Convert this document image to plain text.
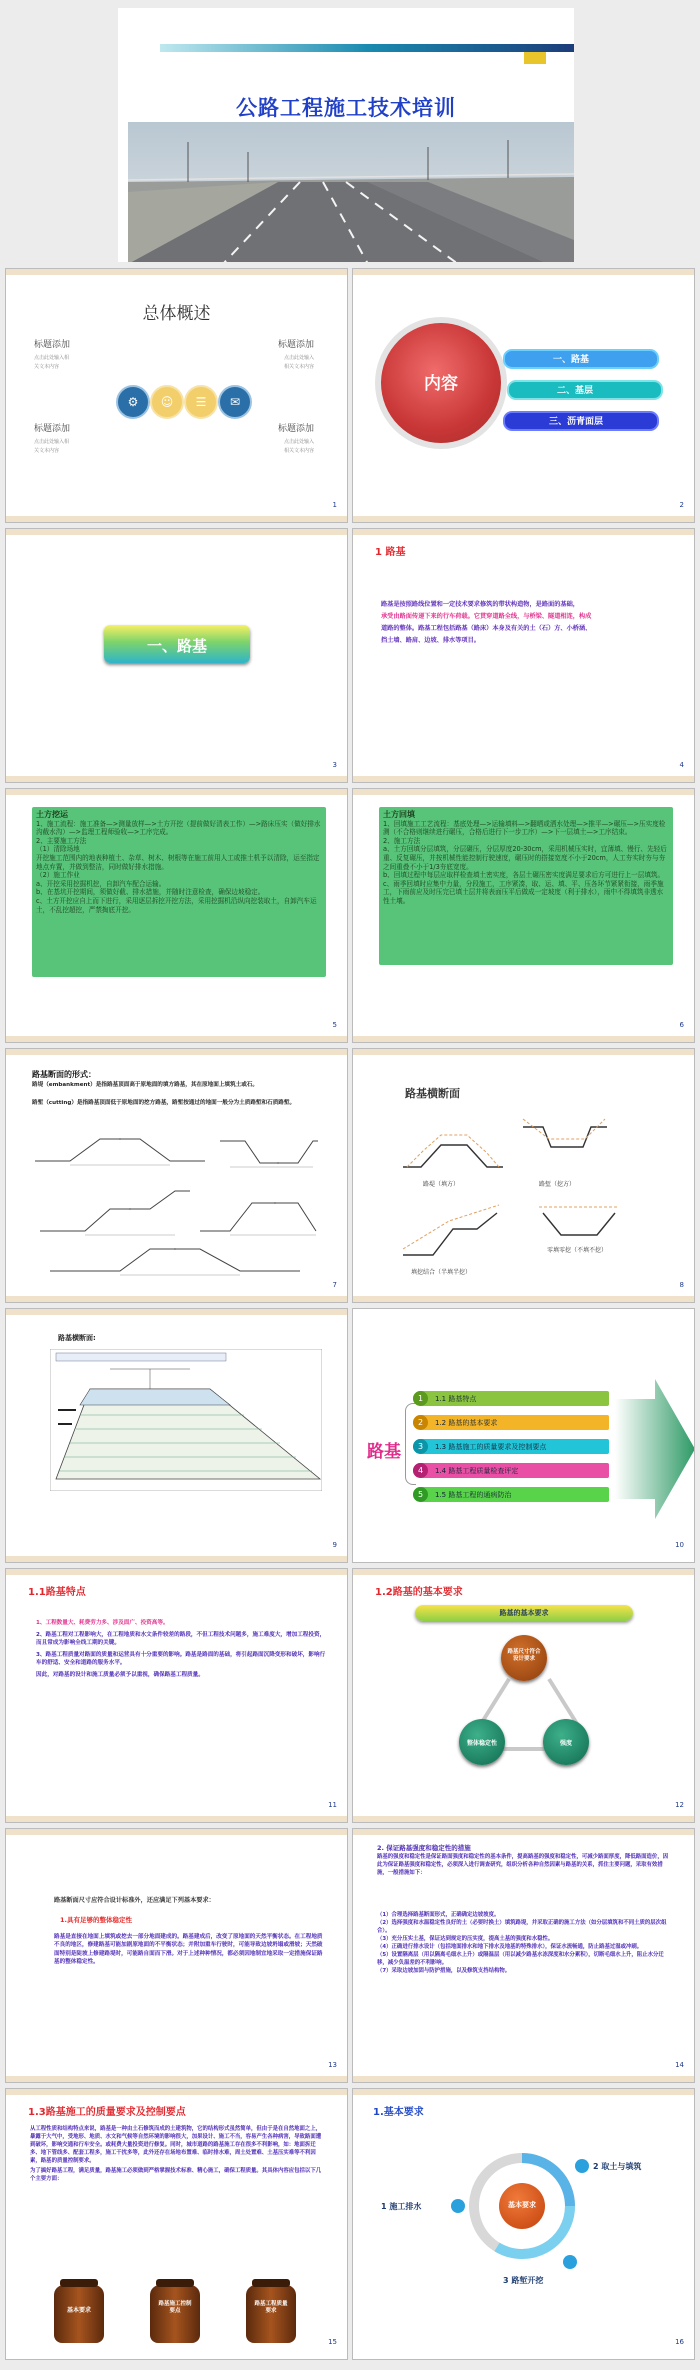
公路工程施工技术培训
总体概述
标题添加
点击此处输入相
关文本内容
标题添加
点击此处输入
相关文本内容
标题添加
点击此处输入相
关文本内容
标题添加
点击此处输入
相关文本内容
⚙	☺	☰	✉
1
内容
一、路基
二、基层
三、沥青面层
2
一、路基
3
1 路基
路基是按照路线位置和一定技术要求修筑的带状构造物，是路面的基础，
承受由路面传递下来的行车荷载。它贯穿道路全线，与桥梁、隧道相连，构成
道路的整体。路基工程包括路基（路床）本身及有关的土（石）方、小桥涵、
挡土墙、路肩、边坡、排水等项目。
4

土方挖运

1、施工流程：施工准备—>测量放样—>土方开挖（提前做好清表工作）—>路床压实（做好排水沟截水沟）—>监理工程师验收—>工序完成。

2、主要施工方法

（1）清除场地

开挖施工范围内的地表种植土、杂草、树木、树根等在施工前用人工或推土机予以清除，运至指定地点弃置，并做到整洁，同时做好排水措施。

（2）施工作业

a、开挖采用挖掘机挖，自卸汽车配合运输。

b、在基坑开挖期间，须做好截、排水措施，并随时注意检查，确保边坡稳定。

c、土方开挖应自上而下进行，采用逐层拆挖开挖方法，采用挖掘机沿纵向挖装取土，自卸汽车运土，不乱挖超挖，严禁掏底开挖。

5

土方回填

1、回填施工工艺流程：基底处理—>运输填料—>翻晒或洒水处理—>推平—>碾压—>压实度检测（不合格则继续进行碾压，合格后进行下一步工序）—>下一层填土—>工序结束。

2、施工方法

a、土方回填分层填筑，分层碾压，分层厚度20-30cm，采用机械压实时，宜薄填、慢行、先轻后重、反复碾压，并按机械性能控制行驶速度，碾压时的搭接宽度不小于20cm，人工夯实时夯与夯之间重叠不小于1/3夯底宽度。

b、回填过程中每层应取样检查填土密实度，各层土碾压密实度满足要求后方可进行上一层填筑。

c、雨季回填时应集中力量，分段施工，工序紧凑，取、运、填、平、压各环节紧紧衔接，雨季施工，下雨前应及时压完已填土层并将表面压平后做成一定坡度（利于排水），雨中不得填筑非透水性土壤。

6
路基断面的形式：
路堤（embankment）是指路基顶面高于原地面的填方路基，其在原地面上填筑土或石。
路堑（cutting）是指路基顶面低于原地面的挖方路基，路堑按通过的地面一般分为土质路堑和石质路堑。
7
路基横断面
路堤（填方）	路堑（挖方）
填挖结合（半填半挖）
零填零挖（不填不挖）
8
路基横断面:
9
路基
1	1.1 路基特点
2	1.2 路基的基本要求
3	1.3 路基施工的质量要求及控制要点
4	1.4 路基工程质量检查评定
5	1.5 路基工程的通病防治
10
1.1路基特点
1、工程数量大、耗费劳力多、涉及面广、投资高等。
2、路基工程对工程影响大，在工程地质和水文条件较差的路段，不但工程技术问题多，施工难度大，增加工程投资，而且常成为影响全线工期的关键。
3、路基工程质量对路面的质量和运营具有十分重要的影响。路基是路面的基础，将引起路面沉降变形和破坏，影响行车的舒适、安全和道路的服务水平。
因此，对路基的设计和施工质量必须予以重视，确保路基工程质量。
11
1.2路基的基本要求
路基的基本要求
路基尺寸符合设计要求
整体稳定性	强度
12
路基断面尺寸应符合设计标准外，还应满足下列基本要求：
1.具有足够的整体稳定性
路基是直接在地面上填筑或挖去一部分地面建成的。路基建成后，改变了原地面的天然平衡状态。在工程地质不良的地区，修建路基可能加剧原地面的不平衡状态；并附加重车行驶时，可能导致边坡坍塌或滑坡；天然破面特别是陡坡上修建路堤时，可能路自面而下滑。对于上述种种情况，都必须因地制宜地采取一定措施保证路基的整体稳定性。
13
2. 保证路基强度和稳定性的措施
路基的强度和稳定性是保证路面强度和稳定性的基本条件，提高路基的强度和稳定性，可减少路面厚度，降低路面造价，因此为保证路基强度和稳定性，必须深入进行调查研究，组织分析各种自然因素与路基的关系，抓住主要问题，采取有效措施，一般措施如下：
（1）合理选择路基断面形式，正确确定边坡坡度。
（2）选择强度和水温稳定性良好的土（必要时换土）填筑路堤，并采取正确的施工方法（如分层填筑和不同土质的层次组合）。
（3）充分压实土基，保证达到规定的压实度，提高土基的强度和水稳性。
（4）正确进行排水设计（包括地面排水和地下排水及地基的特殊排水），保证水流畅通，防止路基过湿或冲刷。
（5）设置隔离层（用以隔离毛细水上升）或隔温层（用以减少路基水冻深度和水分累积），切断毛细水上升，阻止水分迁移，减少负温差的不利影响。
（7）采取边坡加固与防护措施，以及修筑支挡结构物。
14
1.3路基施工的质量要求及控制要点
从工程性质和结构特点来说，路基是一种由土石修筑而成的土建筑物，它的结构形式虽然简单，但由于是在自然地面之上，暴露于大气中，受地形、地质、水文和气候等自然环境的影响很大，加果设计、施工不当，容易产生各种病害，导致路面遭到破坏，影响交通和行车安全。或耗费大量投资进行修复。同时，城市道路的路基施工存在很多不利影响，如：地面拆迁多、地下管线多、配套工程多，施工干扰多等，此外还存在场地布置难、临时排水难，周土处置难、土基压实难等不利因素，路基的质量控制要求。
为了搞好路基工程，满足质量，路基施工必须做到严格掌握技术标准、精心施工，确保工程质量。其具体内容应包括以下几个主要方面：
基本要求
路基施工控制要点
路基工程质量要求
15
1.基本要求
基本要求
2 取土与填筑
1 施工排水
3 路堑开挖
16
